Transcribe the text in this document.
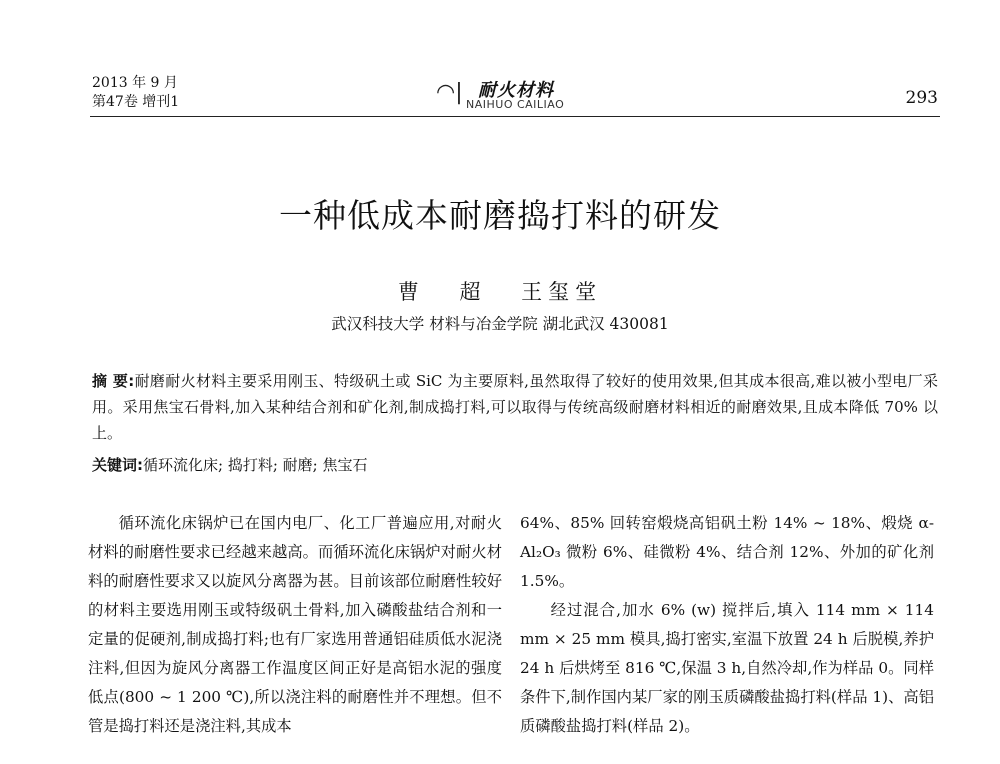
2013 年 9 月
第47卷 增刊1	◠| 耐火材料
NAIHUO CAILIAO	293
一种低成本耐磨捣打料的研发
曹 超 王玺堂
武汉科技大学 材料与冶金学院 湖北武汉 430081
摘 要:耐磨耐火材料主要采用刚玉、特级矾土或 SiC 为主要原料,虽然取得了较好的使用效果,但其成本很高,难以被小型电厂采用。采用焦宝石骨料,加入某种结合剂和矿化剂,制成捣打料,可以取得与传统高级耐磨材料相近的耐磨效果,且成本降低 70% 以上。
关键词:循环流化床; 捣打料; 耐磨; 焦宝石

循环流化床锅炉已在国内电厂、化工厂普遍应用,对耐火材料的耐磨性要求已经越来越高。而循环流化床锅炉对耐火材料的耐磨性要求又以旋风分离器为甚。目前该部位耐磨性较好的材料主要选用刚玉或特级矾土骨料,加入磷酸盐结合剂和一定量的促硬剂,制成捣打料;也有厂家选用普通铝硅质低水泥浇注料,但因为旋风分离器工作温度区间正好是高铝水泥的强度低点(800 ~ 1 200 ℃),所以浇注料的耐磨性并不理想。但不管是捣打料还是浇注料,其成本

64%、85% 回转窑煅烧高铝矾土粉 14% ~ 18%、煅烧 α-Al₂O₃ 微粉 6%、硅微粉 4%、结合剂 12%、外加的矿化剂 1.5%。

经过混合,加水 6% (w) 搅拌后,填入 114 mm × 114 mm × 25 mm 模具,捣打密实,室温下放置 24 h 后脱模,养护 24 h 后烘烤至 816 ℃,保温 3 h,自然冷却,作为样品 0。同样条件下,制作国内某厂家的刚玉质磷酸盐捣打料(样品 1)、高铝质磷酸盐捣打料(样品 2)。
